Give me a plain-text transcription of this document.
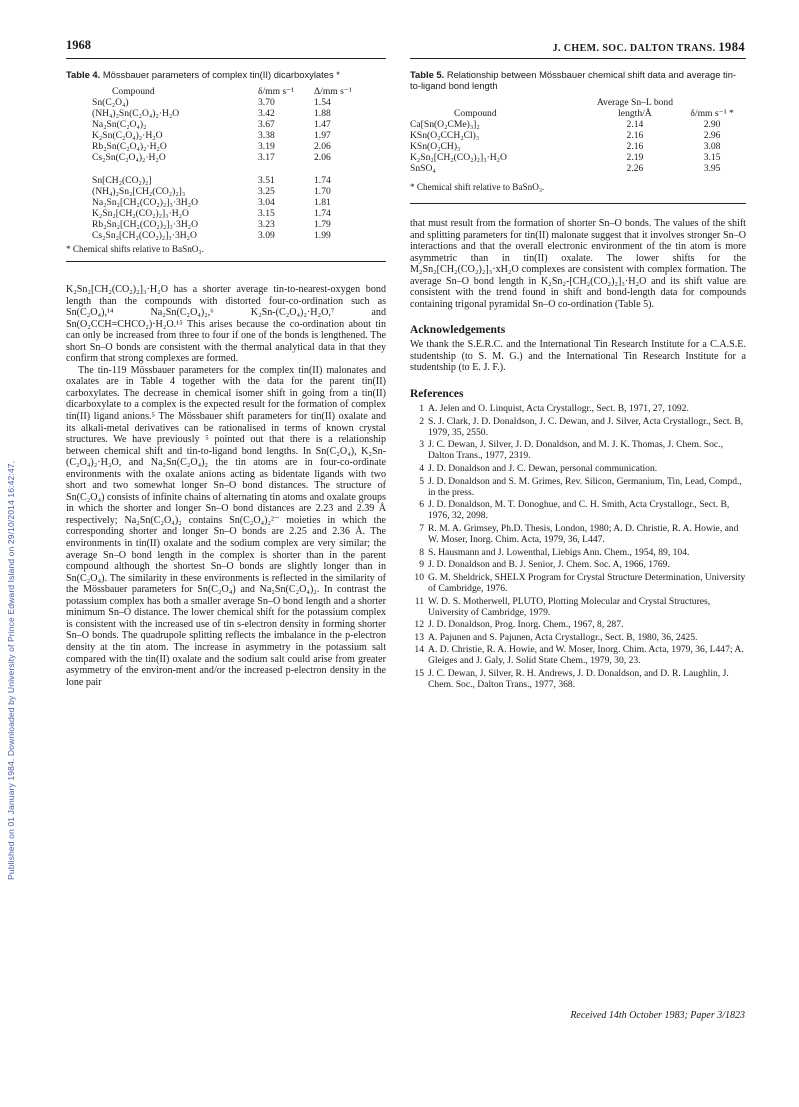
Published on 01 January 1984. Downloaded by University of Prince Edward Island on 29/10/2014 16:42:47.
1968	J. CHEM. SOC. DALTON TRANS. 1984

Table 4. Mössbauer parameters of complex tin(II) dicarboxylates *

Compound	δ/mm s⁻¹	Δ/mm s⁻¹
Sn(C₂O₄)	3.70	1.54
(NH₄)₂Sn(C₂O₄)₂·H₂O	3.42	1.88
Na₂Sn(C₂O₄)₂	3.67	1.47
K₂Sn(C₂O₄)₂·H₂O	3.38	1.97
Rb₂Sn(C₂O₄)₂·H₂O	3.19	2.06
Cs₂Sn(C₂O₄)₂·H₂O	3.17	2.06

Sn[CH₂(CO₂)₂]	3.51	1.74
(NH₄)₂Sn₂[CH₂(CO₂)₂]₃	3.25	1.70
Na₂Sn₂[CH₂(CO₂)₂]₃·3H₂O	3.04	1.81
K₂Sn₂[CH₂(CO₂)₂]₃·H₂O	3.15	1.74
Rb₂Sn₂[CH₂(CO₂)₂]₃·3H₂O	3.23	1.79
Cs₂Sn₂[CH₂(CO₂)₂]₃·3H₂O	3.09	1.99

* Chemical shifts relative to BaSnO₃.

K₂Sn₂[CH₂(CO₂)₂]₃·H₂O has a shorter average tin-to-nearest-oxygen bond length than the compounds with distorted four-co-ordination such as Sn(C₂O₄),¹⁴ Na₂Sn(C₂O₄)₂,⁶ K₂Sn-(C₂O₄)₂·H₂O,⁷ and Sn(O₂CCH=CHCO₂)·H₂O.¹⁵ This arises because the co-ordination about tin can only be increased from three to four if one of the bonds is lengthened. The short Sn–O bonds are consistent with the thermal analytical data in that they confirm that strong complexes are formed.

The tin-119 Mössbauer parameters for the complex tin(II) malonates and oxalates are in Table 4 together with the data for the parent tin(II) carboxylates. The decrease in chemical isomer shift in going from a tin(II) dicarboxylate to a complex is the expected result for the formation of complex tin(II) ligand anions.⁵ The Mössbauer shift parameters for tin(II) oxalate and its alkali-metal derivatives can be rationalised in terms of known crystal structures. We have previously ⁵ pointed out that there is a relationship between chemical shift and tin-to-ligand bond lengths. In Sn(C₂O₄), K₂Sn-(C₂O₄)₂·H₂O, and Na₂Sn(C₂O₄)₂ the tin atoms are in four-co-ordinate environments with the oxalate anions acting as bidentate ligands with two short and two somewhat longer Sn–O bond distances. The structure of Sn(C₂O₄) consists of infinite chains of alternating tin atoms and oxalate groups in which the shorter and longer Sn–O bond distances are 2.23 and 2.39 Å respectively; Na₂Sn(C₂O₄)₂ contains Sn(C₂O₄)₂²⁻ moieties in which the corresponding shorter and longer Sn–O bonds are 2.25 and 2.36 Å. The environments in tin(II) oxalate and the sodium complex are very similar; the average Sn–O bond length in the complex is shorter than in the parent compound although the shortest Sn–O bonds are slightly longer than in Sn(C₂O₄). The similarity in these environments is reflected in the similarity of the Mössbauer parameters for Sn(C₂O₄) and Na₂Sn(C₂O₄)₂. In contrast the potassium complex has both a smaller average Sn–O bond length and a shorter minimum Sn–O distance. The lower chemical shift for the potassium complex is consistent with the increased use of tin s-electron density in forming shorter Sn–O bonds. The quadrupole splitting reflects the imbalance in the p-electron density at the tin atom. The increase in asymmetry in the potassium salt compared with the tin(II) oxalate and the sodium salt could arise from greater asymmetry of the environ-ment and/or the increased p-electron density in the lone pair

Table 5. Relationship between Mössbauer chemical shift data and average tin-to-ligand bond length

Compound	Average Sn–L bond length/Å	δ/mm s⁻¹ *
Ca[Sn(O₂CMe)₃]₂	2.14	2.90
KSn(O₂CCH₂Cl)₃	2.16	2.96
KSn(O₂CH)₃	2.16	3.08
K₂Sn₂[CH₂(CO₂)₂]₃·H₂O	2.19	3.15
SnSO₄	2.26	3.95

* Chemical shift relative to BaSnO₃.

that must result from the formation of shorter Sn–O bonds. The values of the shift and splitting parameters for tin(II) malonate suggest that it involves stronger Sn–O interactions and that the overall electronic environment of the tin atom is more asymmetric than in tin(II) oxalate. The lower shifts for the M₂Sn₂[CH₂(CO₂)₂]₃·xH₂O complexes are consistent with complex formation. The average Sn–O bond length in K₂Sn₂-[CH₂(CO₂)₂]₃·H₂O and its shift value are consistent with the trend found in shift and bond-length data for compounds containing trigonal pyramidal Sn–O co-ordination (Table 5).

Acknowledgements

We thank the S.E.R.C. and the International Tin Research Institute for a C.A.S.E. studentship (to S. M. G.) and the International Tin Research Institute for a studentship (to E. J. F.).

References
1 A. Jelen and O. Linquist, Acta Crystallogr., Sect. B, 1971, 27, 1092.
2 S. J. Clark, J. D. Donaldson, J. C. Dewan, and J. Silver, Acta Crystallogr., Sect. B, 1979, 35, 2550.
3 J. C. Dewan, J. Silver, J. D. Donaldson, and M. J. K. Thomas, J. Chem. Soc., Dalton Trans., 1977, 2319.
4 J. D. Donaldson and J. C. Dewan, personal communication.
5 J. D. Donaldson and S. M. Grimes, Rev. Silicon, Germanium, Tin, Lead, Compd., in the press.
6 J. D. Donaldson, M. T. Donoghue, and C. H. Smith, Acta Crystallogr., Sect. B, 1976, 32, 2098.
7 R. M. A. Grimsey, Ph.D. Thesis, London, 1980; A. D. Christie, R. A. Howie, and W. Moser, Inorg. Chim. Acta, 1979, 36, L447.
8 S. Hausmann and J. Lowenthal, Liebigs Ann. Chem., 1954, 89, 104.
9 J. D. Donaldson and B. J. Senior, J. Chem. Soc. A, 1966, 1769.
10 G. M. Sheldrick, SHELX Program for Crystal Structure Determination, University of Cambridge, 1976.
11 W. D. S. Motherwell, PLUTO, Plotting Molecular and Crystal Structures, University of Cambridge, 1979.
12 J. D. Donaldson, Prog. Inorg. Chem., 1967, 8, 287.
13 A. Pajunen and S. Pajunen, Acta Crystallogr., Sect. B, 1980, 36, 2425.
14 A. D. Christie, R. A. Howie, and W. Moser, Inorg. Chim. Acta, 1979, 36, L447; A. Gleiges and J. Galy, J. Solid State Chem., 1979, 30, 23.
15 J. C. Dewan, J. Silver, R. H. Andrews, J. D. Donaldson, and D. R. Laughlin, J. Chem. Soc., Dalton Trans., 1977, 368.
Received 14th October 1983; Paper 3/1823
